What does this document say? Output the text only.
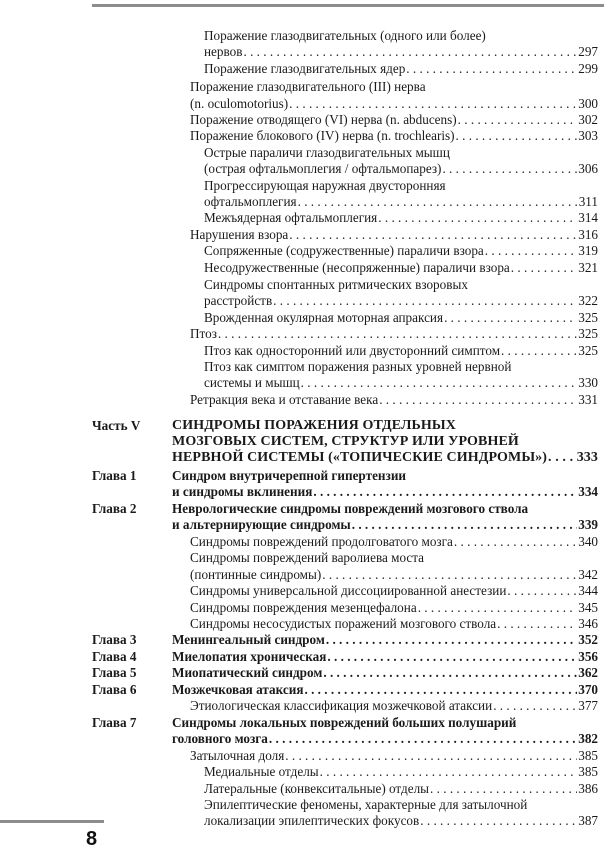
Поражение глазодвигательных (одного или более)
нервов . . .	297
Поражение глазодвигательных ядер . . .	299
Поражение глазодвигательного (III) нерва
(n. oculomotorius) . . .	300
Поражение отводящего (VI) нерва (n. abducens) . . .	302
Поражение блокового (IV) нерва (n. trochlearis) . . .	303
Острые параличи глазодвигательных мышц
(острая офтальмоплегия / офтальмопарез) . . .	306
Прогрессирующая наружная двусторонняя
офтальмоплегия . . .	311
Межъядерная офтальмоплегия . . .	314
Нарушения взора . . .	316
Сопряженные (содружественные) параличи взора . . .	319
Несодружественные (несопряженные) параличи взора . . .	321
Синдромы спонтанных ритмических взоровых
расстройств . . .	322
Врожденная окулярная моторная апраксия . . .	325
Птоз . . .	325
Птоз как односторонний или двусторонний симптом . . .	325
Птоз как симптом поражения разных уровней нервной
системы и мышц . . .	330
Ретракция века и отставание века . . .	331
Часть V СИНДРОМЫ ПОРАЖЕНИЯ ОТДЕЛЬНЫХ
МОЗГОВЫХ СИСТЕМ, СТРУКТУР ИЛИ УРОВНЕЙ
НЕРВНОЙ СИСТЕМЫ («ТОПИЧЕСКИЕ СИНДРОМЫ») . . . 333
Глава 1	Синдром внутричерепной гипертензии
и синдромы вклинения . . .	334
Глава 2	Неврологические синдромы повреждений мозгового ствола
и альтернирующие синдромы . . .	339
Синдромы повреждений продолговатого мозга . . .	340
Синдромы повреждений варолиева моста
(понтинные синдромы) . . .	342
Синдромы универсальной диссоциированной анестезии . . .	344
Синдромы повреждения мезенцефалона . . .	345
Синдромы несосудистых поражений мозгового ствола . . .	346
Глава 3	Менингеальный синдром . . .	352
Глава 4	Миелопатия хроническая . . .	356
Глава 5	Миопатический синдром . . .	362
Глава 6	Мозжечковая атаксия . . .	370
Этиологическая классификация мозжечковой атаксии . . .	377
Глава 7	Синдромы локальных повреждений больших полушарий
головного мозга . . .	382
Затылочная доля . . .	385
Медиальные отделы . . .	385
Латеральные (конвекситальные) отделы . . .	386
Эпилептические феномены, характерные для затылочной
локализации эпилептических фокусов . . .	387
8
